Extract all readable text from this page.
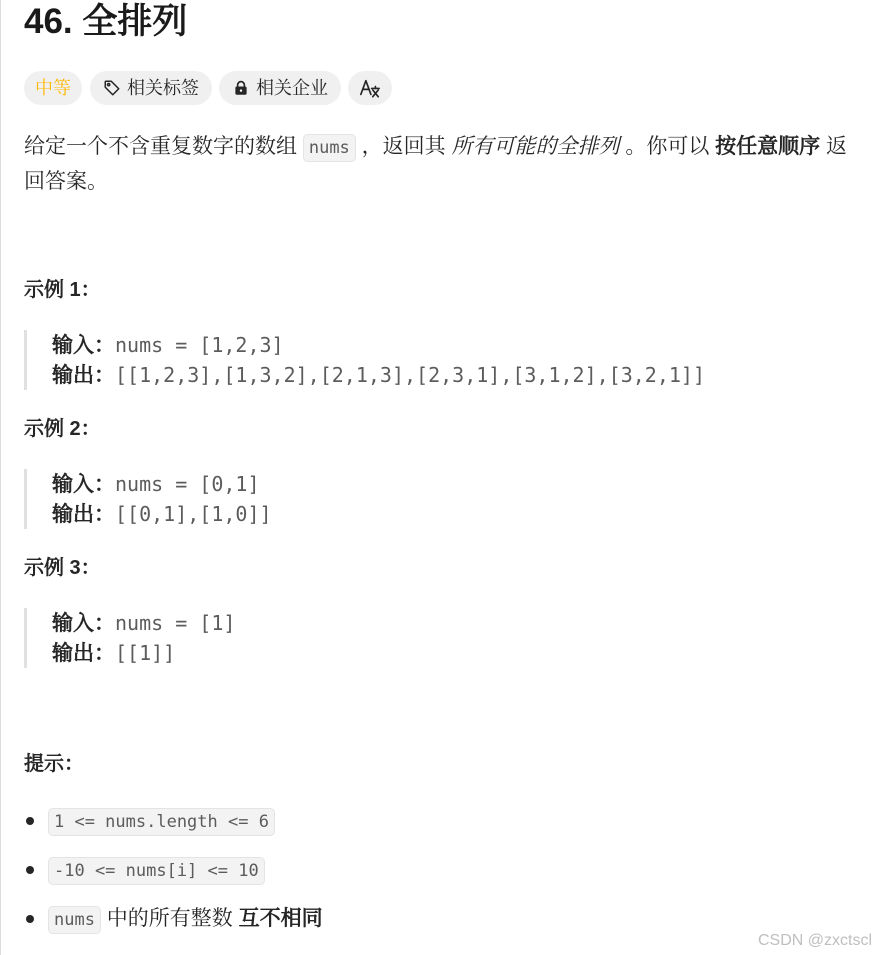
46. 全排列
中等	相关标签	相关企业

给定一个不含重复数字的数组 nums ，返回其 所有可能的全排列 。你可以 按任意顺序 返回答案。

示例 1：
输入：nums = [1,2,3]
输出：[[1,2,3],[1,3,2],[2,1,3],[2,3,1],[3,1,2],[3,2,1]]
示例 2：
输入：nums = [0,1]
输出：[[0,1],[1,0]]
示例 3：
输入：nums = [1]
输出：[[1]]
提示：
1 <= nums.length <= 6
-10 <= nums[i] <= 10
nums 中的所有整数 互不相同
CSDN @zxctscl
